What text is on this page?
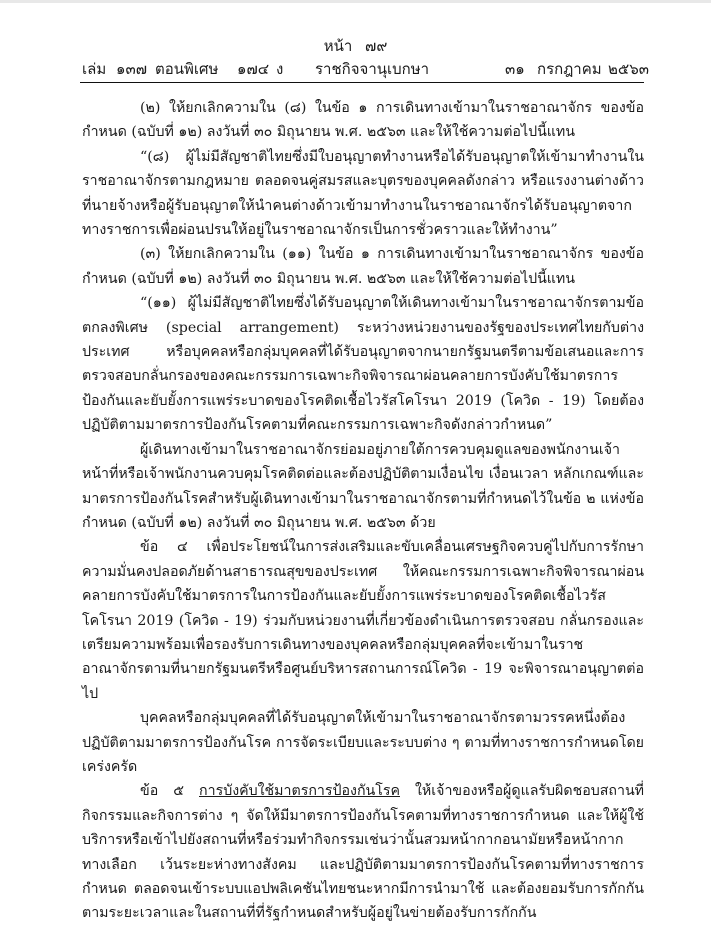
หน้า ๗๙
เล่ม ๑๓๗ ตอนพิเศษ ๑๗๔ ง ราชกิจจานุเบกษา	๓๑ กรกฎาคม ๒๕๖๓

(๒) ให้ยกเลิกความใน (๘) ในข้อ ๑ การเดินทางเข้ามาในราชอาณาจักร ของข้อกำหนด (ฉบับที่ ๑๒) ลงวันที่ ๓๐ มิถุนายน พ.ศ. ๒๕๖๓ และให้ใช้ความต่อไปนี้แทน

“(๘) ผู้ไม่มีสัญชาติไทยซึ่งมีใบอนุญาตทำงานหรือได้รับอนุญาตให้เข้ามาทำงานในราชอาณาจักรตามกฎหมาย ตลอดจนคู่สมรสและบุตรของบุคคลดังกล่าว หรือแรงงานต่างด้าวที่นายจ้างหรือผู้รับอนุญาตให้นำคนต่างด้าวเข้ามาทำงานในราชอาณาจักรได้รับอนุญาตจากทางราชการเพื่อผ่อนปรนให้อยู่ในราชอาณาจักรเป็นการชั่วคราวและให้ทำงาน”

(๓) ให้ยกเลิกความใน (๑๑) ในข้อ ๑ การเดินทางเข้ามาในราชอาณาจักร ของข้อกำหนด (ฉบับที่ ๑๒) ลงวันที่ ๓๐ มิถุนายน พ.ศ. ๒๕๖๓ และให้ใช้ความต่อไปนี้แทน

“(๑๑) ผู้ไม่มีสัญชาติไทยซึ่งได้รับอนุญาตให้เดินทางเข้ามาในราชอาณาจักรตามข้อตกลงพิเศษ (special arrangement) ระหว่างหน่วยงานของรัฐของประเทศไทยกับต่างประเทศ หรือบุคคลหรือกลุ่มบุคคลที่ได้รับอนุญาตจากนายกรัฐมนตรีตามข้อเสนอและการตรวจสอบกลั่นกรองของคณะกรรมการเฉพาะกิจพิจารณาผ่อนคลายการบังคับใช้มาตรการป้องกันและยับยั้งการแพร่ระบาดของโรคติดเชื้อไวรัสโคโรนา 2019 (โควิด - 19) โดยต้องปฏิบัติตามมาตรการป้องกันโรคตามที่คณะกรรมการเฉพาะกิจดังกล่าวกำหนด”

ผู้เดินทางเข้ามาในราชอาณาจักรย่อมอยู่ภายใต้การควบคุมดูแลของพนักงานเจ้าหน้าที่หรือเจ้าพนักงานควบคุมโรคติดต่อและต้องปฏิบัติตามเงื่อนไข เงื่อนเวลา หลักเกณฑ์และมาตรการป้องกันโรคสำหรับผู้เดินทางเข้ามาในราชอาณาจักรตามที่กำหนดไว้ในข้อ ๒ แห่งข้อกำหนด (ฉบับที่ ๑๒) ลงวันที่ ๓๐ มิถุนายน พ.ศ. ๒๕๖๓ ด้วย

ข้อ ๔ เพื่อประโยชน์ในการส่งเสริมและขับเคลื่อนเศรษฐกิจควบคู่ไปกับการรักษาความมั่นคงปลอดภัยด้านสาธารณสุขของประเทศ ให้คณะกรรมการเฉพาะกิจพิจารณาผ่อนคลายการบังคับใช้มาตรการในการป้องกันและยับยั้งการแพร่ระบาดของโรคติดเชื้อไวรัสโคโรนา 2019 (โควิด - 19) ร่วมกับหน่วยงานที่เกี่ยวข้องดำเนินการตรวจสอบ กลั่นกรองและเตรียมความพร้อมเพื่อรองรับการเดินทางของบุคคลหรือกลุ่มบุคคลที่จะเข้ามาในราชอาณาจักรตามที่นายกรัฐมนตรีหรือศูนย์บริหารสถานการณ์โควิด - 19 จะพิจารณาอนุญาตต่อไป

บุคคลหรือกลุ่มบุคคลที่ได้รับอนุญาตให้เข้ามาในราชอาณาจักรตามวรรคหนึ่งต้องปฏิบัติตามมาตรการป้องกันโรค การจัดระเบียบและระบบต่าง ๆ ตามที่ทางราชการกำหนดโดยเคร่งครัด

ข้อ ๕ การบังคับใช้มาตรการป้องกันโรค ให้เจ้าของหรือผู้ดูแลรับผิดชอบสถานที่ กิจกรรมและกิจการต่าง ๆ จัดให้มีมาตรการป้องกันโรคตามที่ทางราชการกำหนด และให้ผู้ใช้บริการหรือเข้าไปยังสถานที่หรือร่วมทำกิจกรรมเช่นว่านั้นสวมหน้ากากอนามัยหรือหน้ากากทางเลือก เว้นระยะห่างทางสังคม และปฏิบัติตามมาตรการป้องกันโรคตามที่ทางราชการกำหนด ตลอดจนเข้าระบบแอปพลิเคชันไทยชนะหากมีการนำมาใช้ และต้องยอมรับการกักกันตามระยะเวลาและในสถานที่ที่รัฐกำหนดสำหรับผู้อยู่ในข่ายต้องรับการกักกัน
